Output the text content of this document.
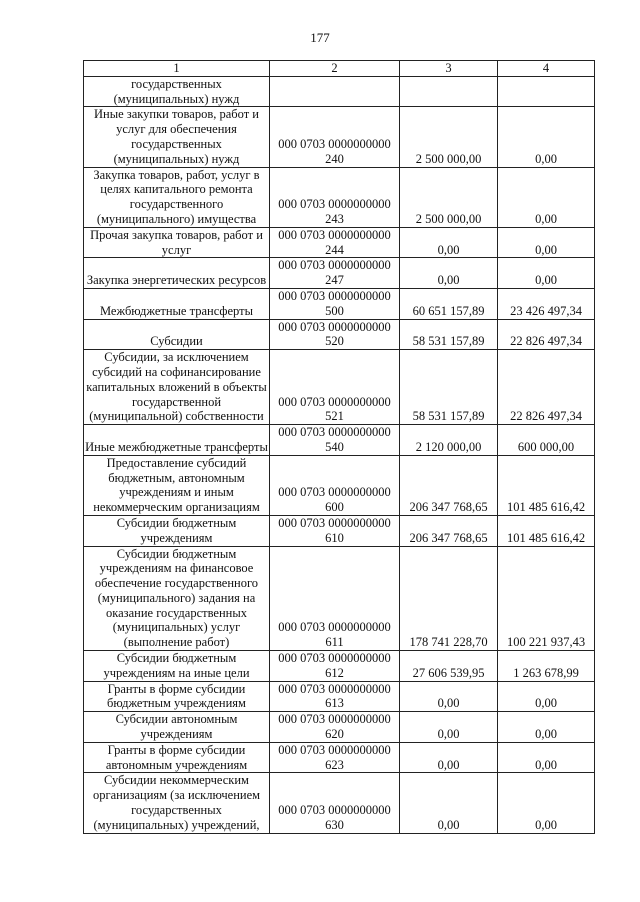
177
1	2	3	4
государственных (муниципальных) нужд			
Иные закупки товаров, работ и услуг для обеспечения государственных (муниципальных) нужд	000 0703 0000000000 240	2 500 000,00	0,00
Закупка товаров, работ, услуг в целях капитального ремонта государственного (муниципального) имущества	000 0703 0000000000 243	2 500 000,00	0,00
Прочая закупка товаров, работ и услуг	000 0703 0000000000 244	0,00	0,00
Закупка энергетических ресурсов	000 0703 0000000000 247	0,00	0,00
Межбюджетные трансферты	000 0703 0000000000 500	60 651 157,89	23 426 497,34
Субсидии	000 0703 0000000000 520	58 531 157,89	22 826 497,34
Субсидии, за исключением субсидий на софинансирование капитальных вложений в объекты государственной (муниципальной) собственности	000 0703 0000000000 521	58 531 157,89	22 826 497,34
Иные межбюджетные трансферты	000 0703 0000000000 540	2 120 000,00	600 000,00
Предоставление субсидий бюджетным, автономным учреждениям и иным некоммерческим организациям	000 0703 0000000000 600	206 347 768,65	101 485 616,42
Субсидии бюджетным учреждениям	000 0703 0000000000 610	206 347 768,65	101 485 616,42
Субсидии бюджетным учреждениям на финансовое обеспечение государственного (муниципального) задания на оказание государственных (муниципальных) услуг (выполнение работ)	000 0703 0000000000 611	178 741 228,70	100 221 937,43
Субсидии бюджетным учреждениям на иные цели	000 0703 0000000000 612	27 606 539,95	1 263 678,99
Гранты в форме субсидии бюджетным учреждениям	000 0703 0000000000 613	0,00	0,00
Субсидии автономным учреждениям	000 0703 0000000000 620	0,00	0,00
Гранты в форме субсидии автономным учреждениям	000 0703 0000000000 623	0,00	0,00
Субсидии некоммерческим организациям (за исключением государственных (муниципальных) учреждений,	000 0703 0000000000 630	0,00	0,00
